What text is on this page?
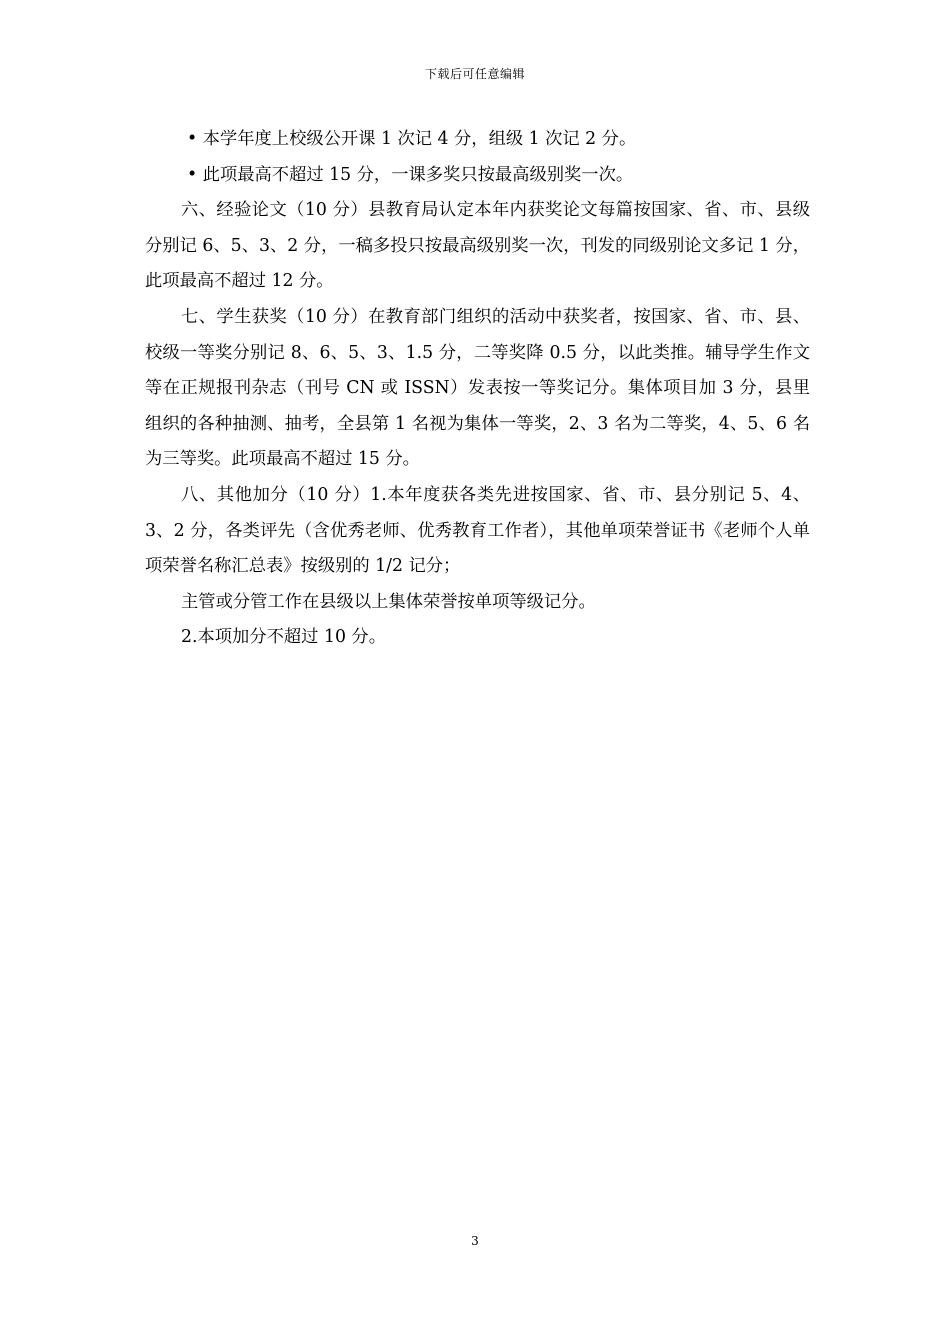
下载后可任意编辑

• 本学年度上校级公开课 1 次记 4 分，组级 1 次记 2 分。

• 此项最高不超过 15 分，一课多奖只按最高级别奖一次。

六、经验论文（10 分）县教育局认定本年内获奖论文每篇按国家、省、市、县级分别记 6、5、3、2 分，一稿多投只按最高级别奖一次，刊发的同级别论文多记 1 分，此项最高不超过 12 分。

七、学生获奖（10 分）在教育部门组织的活动中获奖者，按国家、省、市、县、校级一等奖分别记 8、6、5、3、1.5 分，二等奖降 0.5 分，以此类推。辅导学生作文等在正规报刊杂志（刊号 CN 或 ISSN）发表按一等奖记分。集体项目加 3 分，县里组织的各种抽测、抽考，全县第 1 名视为集体一等奖，2、3 名为二等奖，4、5、6 名为三等奖。此项最高不超过 15 分。

八、其他加分（10 分）1.本年度获各类先进按国家、省、市、县分别记 5、4、3、2 分，各类评先（含优秀老师、优秀教育工作者），其他单项荣誉证书《老师个人单项荣誉名称汇总表》按级别的 1/2 记分；

主管或分管工作在县级以上集体荣誉按单项等级记分。

2.本项加分不超过 10 分。

3
